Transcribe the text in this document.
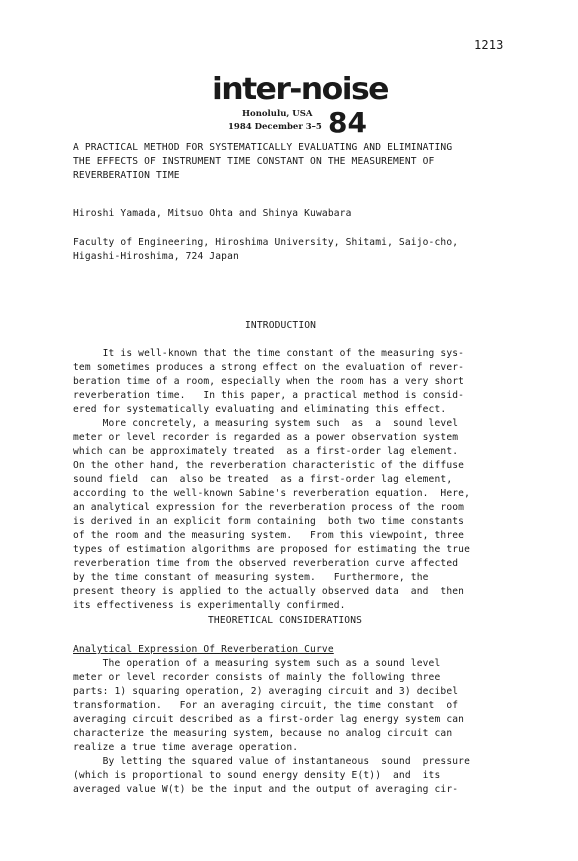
1213
inter-noise
Honolulu, USA
1984 December 3–5 84
A PRACTICAL METHOD FOR SYSTEMATICALLY EVALUATING AND ELIMINATING
THE EFFECTS OF INSTRUMENT TIME CONSTANT ON THE MEASUREMENT OF
REVERBERATION TIME
Hiroshi Yamada, Mitsuo Ohta and Shinya Kuwabara
Faculty of Engineering, Hiroshima University, Shitami, Saijo-cho,
Higashi-Hiroshima, 724 Japan
INTRODUCTION
It is well-known that the time constant of the measuring sys-
tem sometimes produces a strong effect on the evaluation of rever-
beration time of a room, especially when the room has a very short
reverberation time.   In this paper, a practical method is consid-
ered for systematically evaluating and eliminating this effect.
More concretely, a measuring system such  as  a  sound level
meter or level recorder is regarded as a power observation system
which can be approximately treated  as a first-order lag element.
On the other hand, the reverberation characteristic of the diffuse
sound field  can  also be treated  as a first-order lag element,
according to the well-known Sabine's reverberation equation.  Here,
an analytical expression for the reverberation process of the room
is derived in an explicit form containing  both two time constants
of the room and the measuring system.   From this viewpoint, three
types of estimation algorithms are proposed for estimating the true
reverberation time from the observed reverberation curve affected
by the time constant of measuring system.   Furthermore, the
present theory is applied to the actually observed data  and  then
its effectiveness is experimentally confirmed.
THEORETICAL CONSIDERATIONS
Analytical Expression Of Reverberation Curve
The operation of a measuring system such as a sound level
meter or level recorder consists of mainly the following three
parts: 1) squaring operation, 2) averaging circuit and 3) decibel
transformation.   For an averaging circuit, the time constant  of
averaging circuit described as a first-order lag energy system can
characterize the measuring system, because no analog circuit can
realize a true time average operation.
By letting the squared value of instantaneous  sound  pressure
(which is proportional to sound energy density E(t))  and  its
averaged value W(t) be the input and the output of averaging cir-
